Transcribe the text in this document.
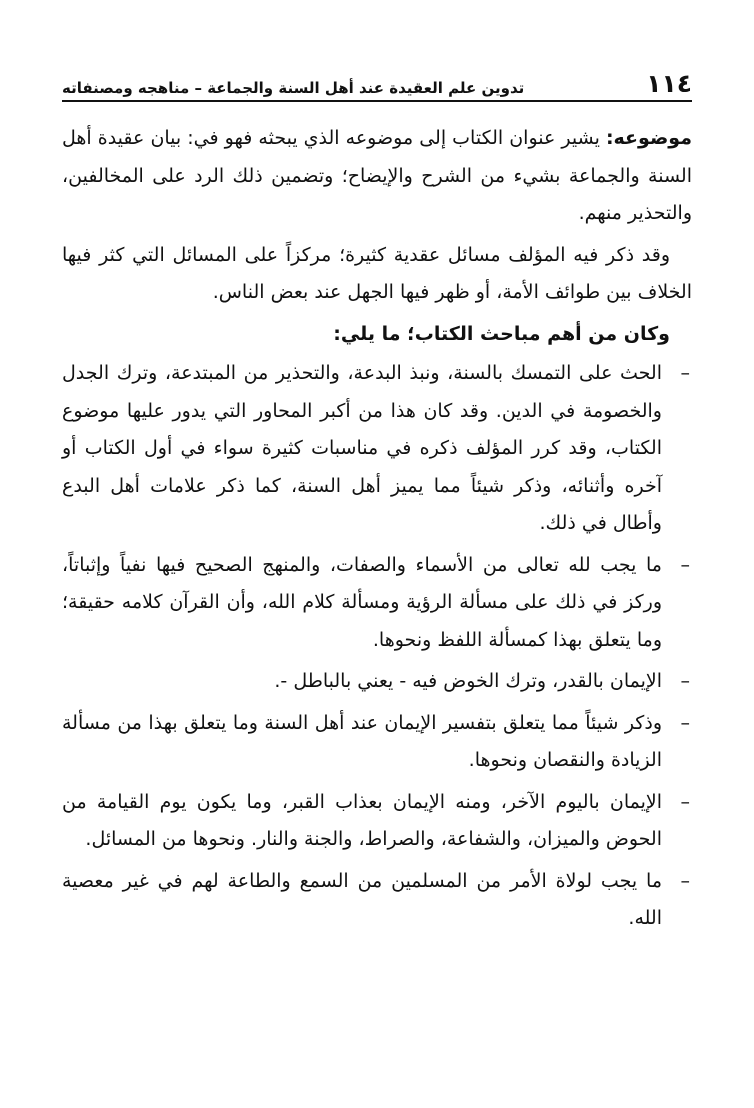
١١٤
تدوين علم العقيدة عند أهل السنة والجماعة – مناهجه ومصنفاته

موضوعه: يشير عنوان الكتاب إلى موضوعه الذي يبحثه فهو في: بيان عقيدة أهل السنة والجماعة بشيء من الشرح والإيضاح؛ وتضمين ذلك الرد على المخالفين، والتحذير منهم.

وقد ذكر فيه المؤلف مسائل عقدية كثيرة؛ مركزاً على المسائل التي كثر فيها الخلاف بين طوائف الأمة، أو ظهر فيها الجهل عند بعض الناس.

وكان من أهم مباحث الكتاب؛ ما يلي:

–
الحث على التمسك بالسنة، ونبذ البدعة، والتحذير من المبتدعة، وترك الجدل والخصومة في الدين. وقد كان هذا من أكبر المحاور التي يدور عليها موضوع الكتاب، وقد كرر المؤلف ذكره في مناسبات كثيرة سواء في أول الكتاب أو آخره وأثنائه، وذكر شيئاً مما يميز أهل السنة، كما ذكر علامات أهل البدع وأطال في ذلك.
–
ما يجب لله تعالى من الأسماء والصفات، والمنهج الصحيح فيها نفياً وإثباتاً، وركز في ذلك على مسألة الرؤية ومسألة كلام الله، وأن القرآن كلامه حقيقة؛ وما يتعلق بهذا كمسألة اللفظ ونحوها.
–
الإيمان بالقدر، وترك الخوض فيه - يعني بالباطل -.
–
وذكر شيئاً مما يتعلق بتفسير الإيمان عند أهل السنة وما يتعلق بهذا من مسألة الزيادة والنقصان ونحوها.
–
الإيمان باليوم الآخر، ومنه الإيمان بعذاب القبر، وما يكون يوم القيامة من الحوض والميزان، والشفاعة، والصراط، والجنة والنار. ونحوها من المسائل.
–
ما يجب لولاة الأمر من المسلمين من السمع والطاعة لهم في غير معصية الله.
